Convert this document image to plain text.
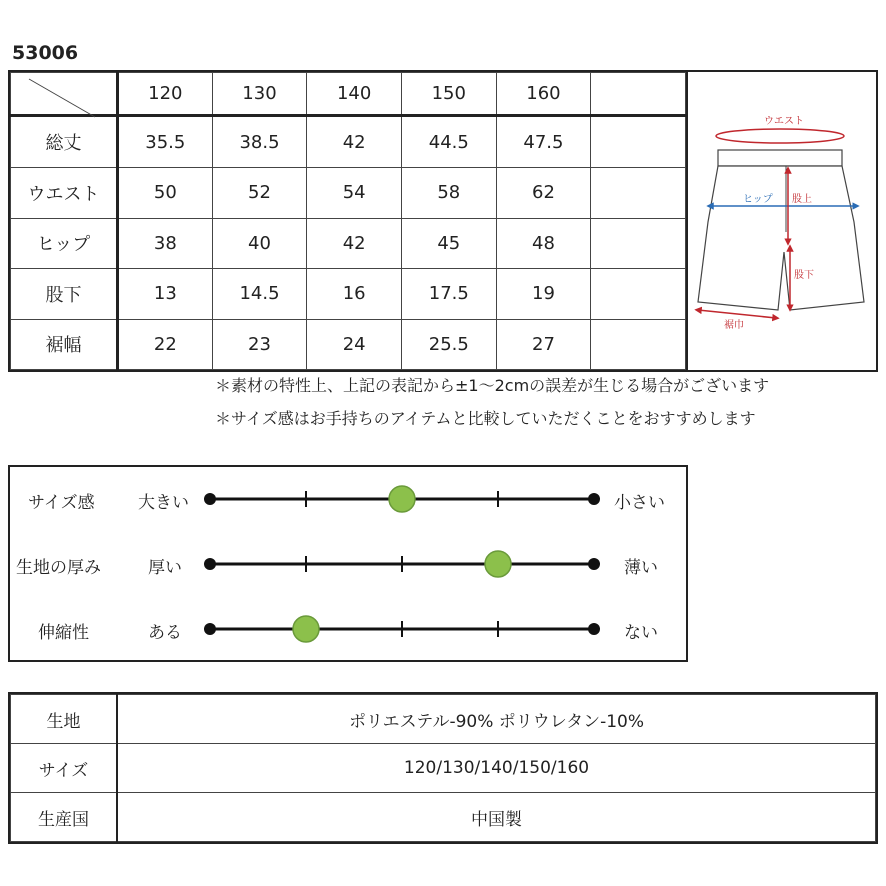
53006
	120	130	140	150	160	
総丈	35.5	38.5	42	44.5	47.5	
ウエスト	50	52	54	58	62	
ヒップ	38	40	42	45	48	
股下	13	14.5	16	17.5	19	
裾幅	22	23	24	25.5	27	
ウエスト
ヒップ 股上
股下
裾巾
＊素材の特性上、上記の表記から±1〜2cmの誤差が生じる場合がございます
＊サイズ感はお手持ちのアイテムと比較していただくことをおすすめします
サイズ感	大きい	小さい
生地の厚み	厚い	薄い
伸縮性	ある	ない
生地	ポリエステル-90% ポリウレタン-10%
サイズ	120/130/140/150/160
生産国	中国製
